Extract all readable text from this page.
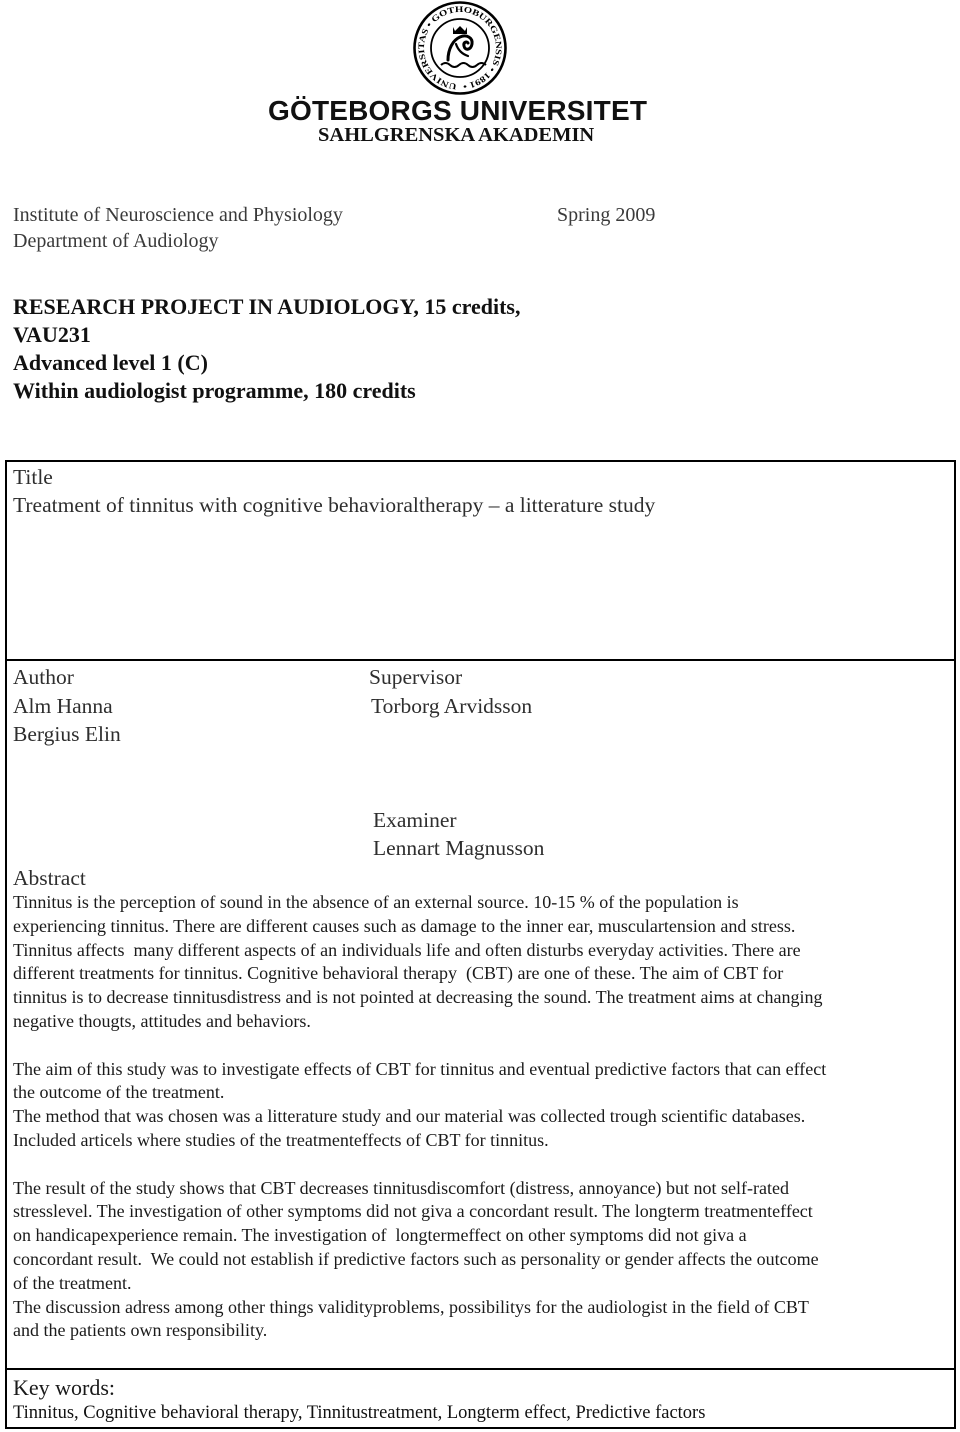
UNIVERSITAS • GOTHOBURGENSIS • 1891 •
GÖTEBORGS UNIVERSITET
SAHLGRENSKA AKADEMIN
Institute of Neuroscience and Physiology
Department of Audiology
Spring 2009
RESEARCH PROJECT IN AUDIOLOGY, 15 credits,
VAU231
Advanced level 1 (C)
Within audiologist programme, 180 credits
Title
Treatment of tinnitus with cognitive behavioraltherapy – a litterature study
Author
Alm Hanna
Bergius Elin
Supervisor
Torborg Arvidsson
Examiner
Lennart Magnusson
Abstract
Tinnitus is the perception of sound in the absence of an external source. 10-15 % of the population is
experiencing tinnitus. There are different causes such as damage to the inner ear, musculartension and stress.
Tinnitus affects  many different aspects of an individuals life and often disturbs everyday activities. There are
different treatments for tinnitus. Cognitive behavioral therapy  (CBT) are one of these. The aim of CBT for
tinnitus is to decrease tinnitusdistress and is not pointed at decreasing the sound. The treatment aims at changing
negative thougts, attitudes and behaviors.
The aim of this study was to investigate effects of CBT for tinnitus and eventual predictive factors that can effect
the outcome of the treatment.
The method that was chosen was a litterature study and our material was collected trough scientific databases.
Included articels where studies of the treatmenteffects of CBT for tinnitus.
The result of the study shows that CBT decreases tinnitusdiscomfort (distress, annoyance) but not self-rated
stresslevel. The investigation of other symptoms did not giva a concordant result. The longterm treatmenteffect
on handicapexperience remain. The investigation of  longtermeffect on other symptoms did not giva a
concordant result.  We could not establish if predictive factors such as personality or gender affects the outcome
of the treatment.
The discussion adress among other things validityproblems, possibilitys for the audiologist in the field of CBT
and the patients own responsibility.
Key words:
Tinnitus, Cognitive behavioral therapy, Tinnitustreatment, Longterm effect, Predictive factors
